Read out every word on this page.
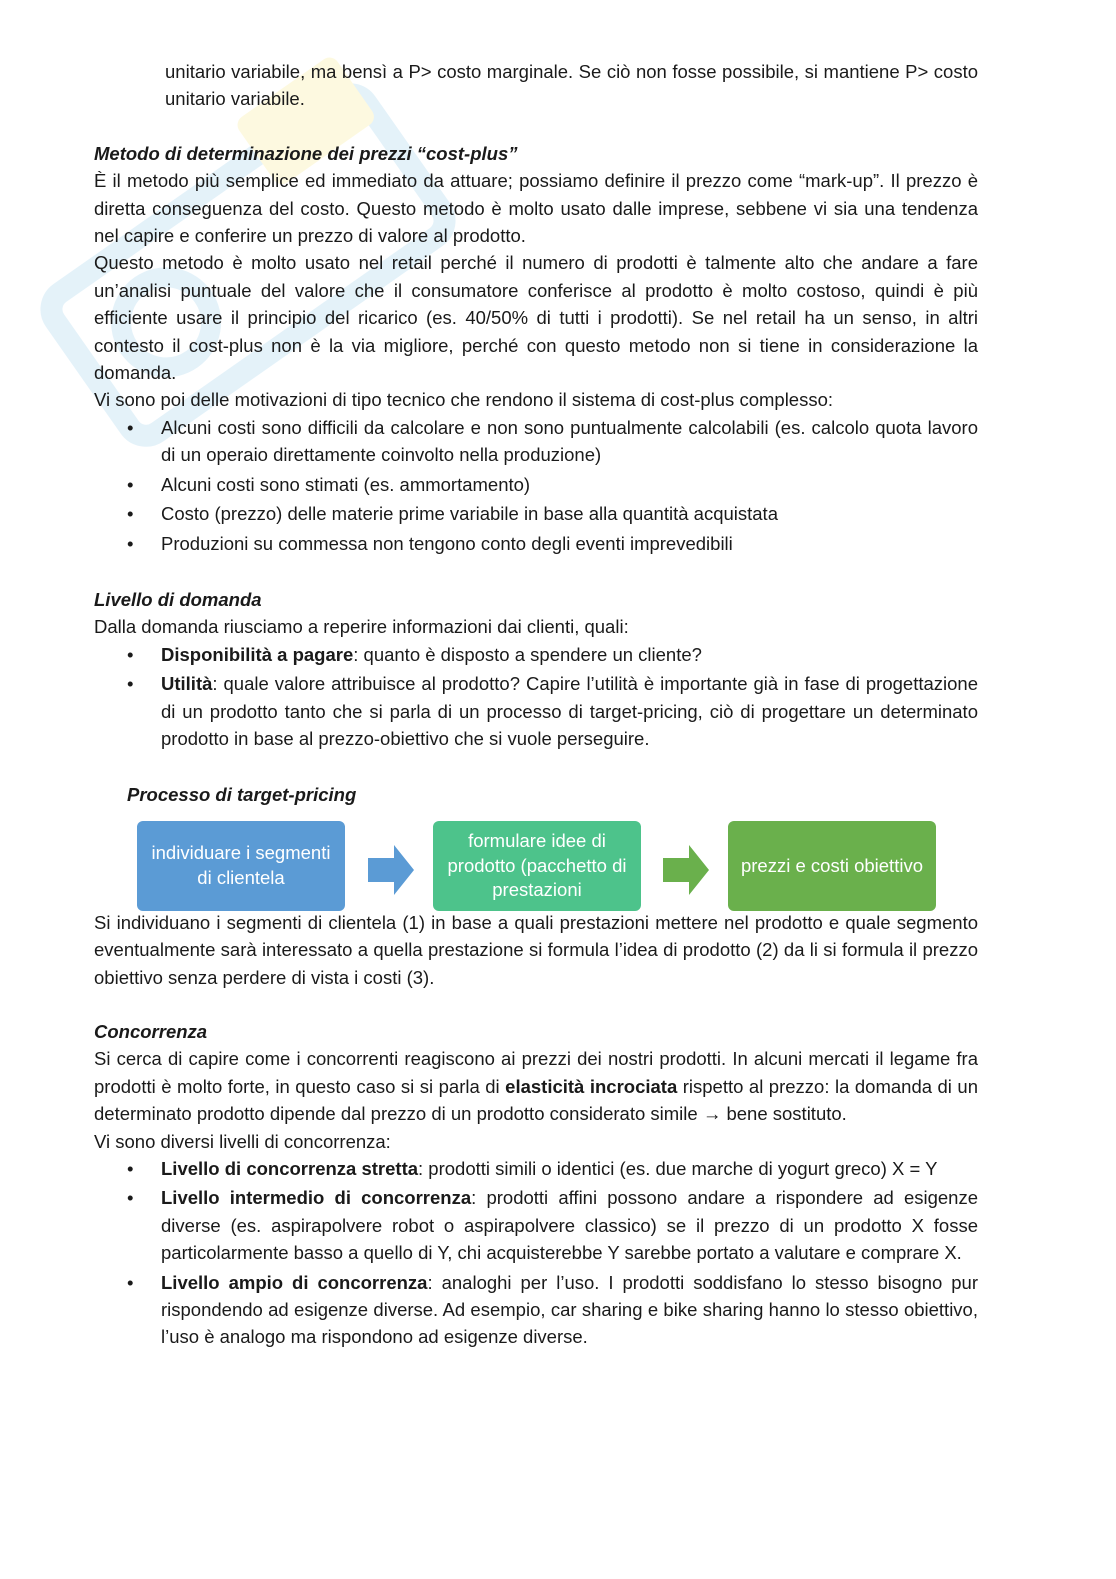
unitario variabile, ma bensì a P> costo marginale. Se ciò non fosse possibile, si mantiene P> costo unitario variabile.

Metodo di determinazione dei prezzi “cost-plus”

È il metodo più semplice ed immediato da attuare; possiamo definire il prezzo come “mark-up”. Il prezzo è diretta conseguenza del costo. Questo metodo è molto usato dalle imprese, sebbene vi sia una tendenza nel capire e conferire un prezzo di valore al prodotto.

Questo metodo è molto usato nel retail perché il numero di prodotti è talmente alto che andare a fare un’analisi puntuale del valore che il consumatore conferisce al prodotto è molto costoso, quindi è più efficiente usare il principio del ricarico (es. 40/50% di tutti i prodotti). Se nel retail ha un senso, in altri contesto il cost-plus non è la via migliore, perché con questo metodo non si tiene in considerazione la domanda.

Vi sono poi delle motivazioni di tipo tecnico che rendono il sistema di cost-plus complesso:

• Alcuni costi sono difficili da calcolare e non sono puntualmente calcolabili (es. calcolo quota lavoro di un operaio direttamente coinvolto nella produzione)
• Alcuni costi sono stimati (es. ammortamento)
• Costo (prezzo) delle materie prime variabile in base alla quantità acquistata
• Produzioni su commessa non tengono conto degli eventi imprevedibili

Livello di domanda

Dalla domanda riusciamo a reperire informazioni dai clienti, quali:

• Disponibilità a pagare: quanto è disposto a spendere un cliente?
• Utilità: quale valore attribuisce al prodotto? Capire l’utilità è importante già in fase di progettazione di un prodotto tanto che si parla di un processo di target-pricing, ciò di progettare un determinato prodotto in base al prezzo-obiettivo che si vuole perseguire.

Processo di target-pricing

individuare i segmenti di clientela
formulare idee di prodotto (pacchetto di prestazioni
prezzi e costi obiettivo

Si individuano i segmenti di clientela (1) in base a quali prestazioni mettere nel prodotto e quale segmento eventualmente sarà interessato a quella prestazione si formula l’idea di prodotto (2) da li si formula il prezzo obiettivo senza perdere di vista i costi (3).

Concorrenza

Si cerca di capire come i concorrenti reagiscono ai prezzi dei nostri prodotti. In alcuni mercati il legame fra prodotti è molto forte, in questo caso si si parla di elasticità incrociata rispetto al prezzo: la domanda di un determinato prodotto dipende dal prezzo di un prodotto considerato simile → bene sostituto.

Vi sono diversi livelli di concorrenza:

• Livello di concorrenza stretta: prodotti simili o identici (es. due marche di yogurt greco) X = Y
• Livello intermedio di concorrenza: prodotti affini possono andare a rispondere ad esigenze diverse (es. aspirapolvere robot o aspirapolvere classico) se il prezzo di un prodotto X fosse particolarmente basso a quello di Y, chi acquisterebbe Y sarebbe portato a valutare e comprare X.
• Livello ampio di concorrenza: analoghi per l’uso. I prodotti soddisfano lo stesso bisogno pur rispondendo ad esigenze diverse. Ad esempio, car sharing e bike sharing hanno lo stesso obiettivo, l’uso è analogo ma rispondono ad esigenze diverse.
